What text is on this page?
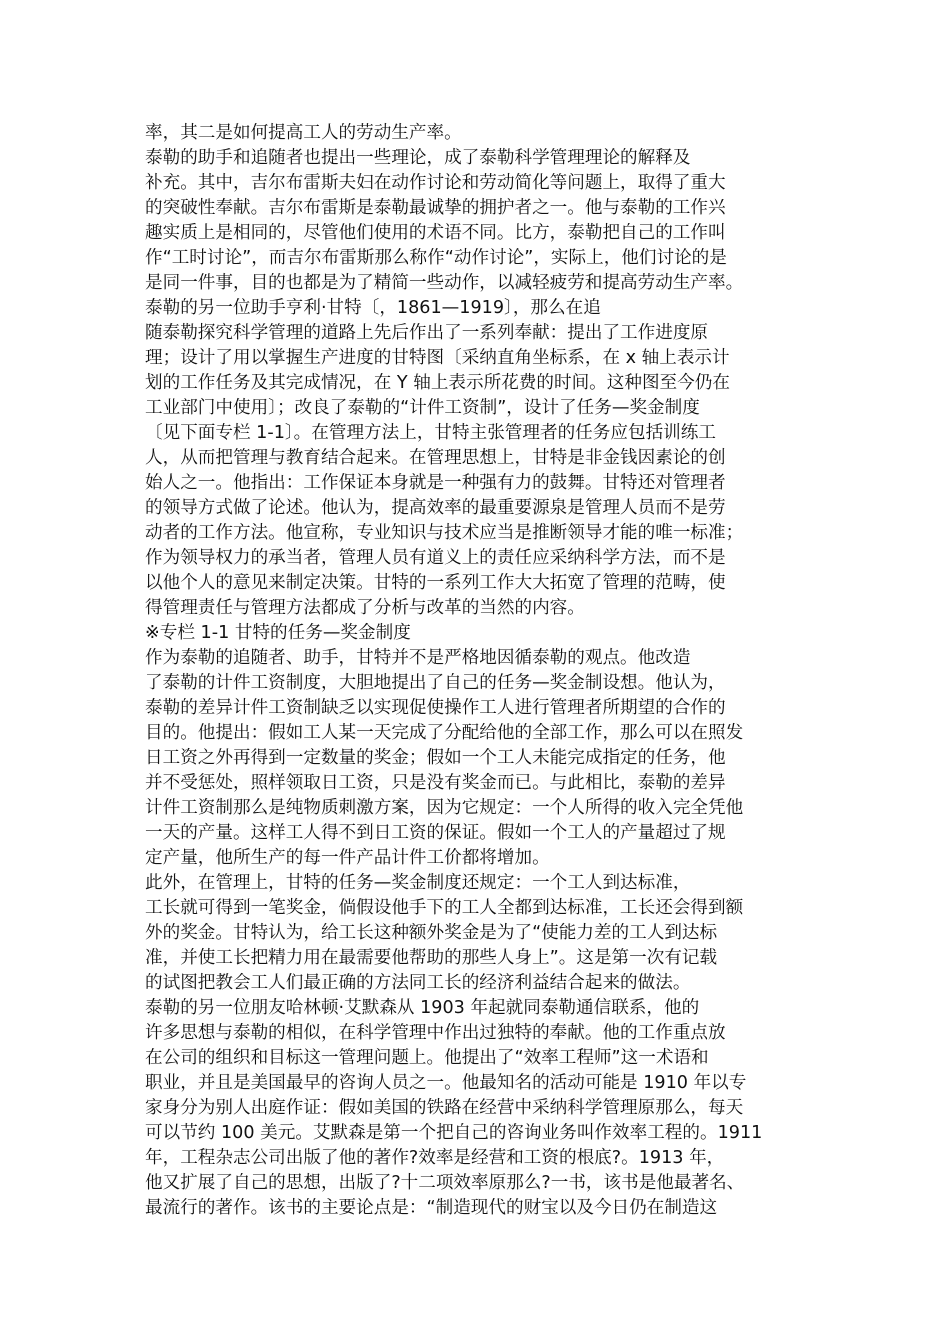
率，其二是如何提高工人的劳动生产率。
泰勒的助手和追随者也提出一些理论，成了泰勒科学管理理论的解释及
补充。其中，吉尔布雷斯夫妇在动作讨论和劳动简化等问题上，取得了重大
的突破性奉献。吉尔布雷斯是泰勒最诚挚的拥护者之一。他与泰勒的工作兴
趣实质上是相同的，尽管他们使用的术语不同。比方，泰勒把自己的工作叫
作“工时讨论”，而吉尔布雷斯那么称作“动作讨论”，实际上，他们讨论的是
是同一件事，目的也都是为了精简一些动作，以减轻疲劳和提高劳动生产率。
泰勒的另一位助手亨利·甘特〔，1861—1919〕，那么在追
随泰勒探究科学管理的道路上先后作出了一系列奉献：提出了工作进度原
理；设计了用以掌握生产进度的甘特图〔采纳直角坐标系，在 x 轴上表示计
划的工作任务及其完成情况，在 Y 轴上表示所花费的时间。这种图至今仍在
工业部门中使用〕；改良了泰勒的“计件工资制”，设计了任务—奖金制度
〔见下面专栏 1-1〕。在管理方法上，甘特主张管理者的任务应包括训练工
人，从而把管理与教育结合起来。在管理思想上，甘特是非金钱因素论的创
始人之一。他指出：工作保证本身就是一种强有力的鼓舞。甘特还对管理者
的领导方式做了论述。他认为，提高效率的最重要源泉是管理人员而不是劳
动者的工作方法。他宣称，专业知识与技术应当是推断领导才能的唯一标准；
作为领导权力的承当者，管理人员有道义上的责任应采纳科学方法，而不是
以他个人的意见来制定决策。甘特的一系列工作大大拓宽了管理的范畴，使
得管理责任与管理方法都成了分析与改革的当然的内容。
※专栏 1-1 甘特的任务—奖金制度
作为泰勒的追随者、助手，甘特并不是严格地因循泰勒的观点。他改造
了泰勒的计件工资制度，大胆地提出了自己的任务—奖金制设想。他认为，
泰勒的差异计件工资制缺乏以实现促使操作工人进行管理者所期望的合作的
目的。他提出：假如工人某一天完成了分配给他的全部工作，那么可以在照发
日工资之外再得到一定数量的奖金；假如一个工人未能完成指定的任务，他
并不受惩处，照样领取日工资，只是没有奖金而已。与此相比，泰勒的差异
计件工资制那么是纯物质刺激方案，因为它规定：一个人所得的收入完全凭他
一天的产量。这样工人得不到日工资的保证。假如一个工人的产量超过了规
定产量，他所生产的每一件产品计件工价都将增加。
此外，在管理上，甘特的任务—奖金制度还规定：一个工人到达标准，
工长就可得到一笔奖金，倘假设他手下的工人全都到达标准，工长还会得到额
外的奖金。甘特认为，给工长这种额外奖金是为了“使能力差的工人到达标
准，并使工长把精力用在最需要他帮助的那些人身上”。这是第一次有记载
的试图把教会工人们最正确的方法同工长的经济利益结合起来的做法。
泰勒的另一位朋友哈林顿·艾默森从 1903 年起就同泰勒通信联系，他的
许多思想与泰勒的相似，在科学管理中作出过独特的奉献。他的工作重点放
在公司的组织和目标这一管理问题上。他提出了“效率工程师”这一术语和
职业，并且是美国最早的咨询人员之一。他最知名的活动可能是 1910 年以专
家身分为别人出庭作证：假如美国的铁路在经营中采纳科学管理原那么，每天
可以节约 100 美元。艾默森是第一个把自己的咨询业务叫作效率工程的。1911
年，工程杂志公司出版了他的著作?效率是经营和工资的根底?。1913 年，
他又扩展了自己的思想，出版了?十二项效率原那么?一书，该书是他最著名、
最流行的著作。该书的主要论点是：“制造现代的财宝以及今日仍在制造这
